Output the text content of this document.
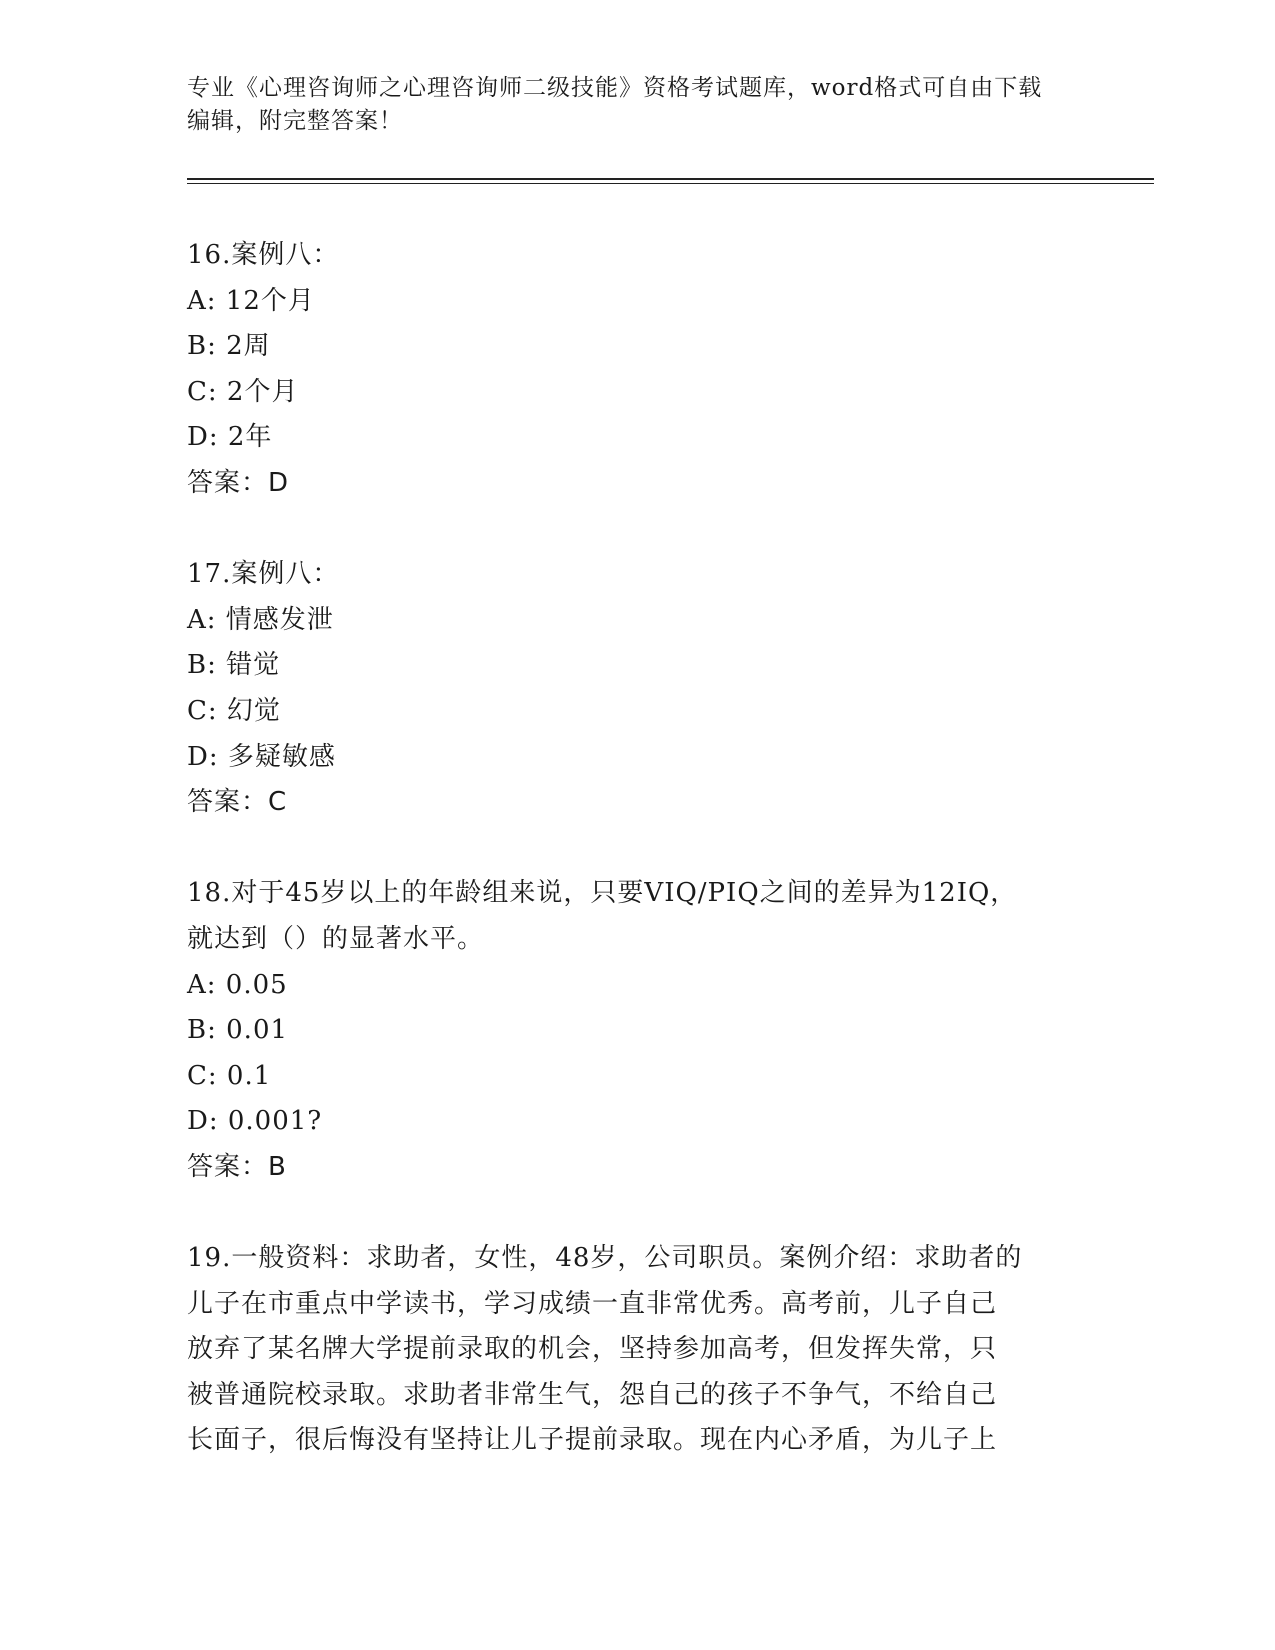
专业《心理咨询师之心理咨询师二级技能》资格考试题库，word格式可自由下载
编辑，附完整答案！
16.案例八：
A: 12个月
B: 2周
C: 2个月
D: 2年
答案：D
17.案例八：
A: 情感发泄
B: 错觉
C: 幻觉
D: 多疑敏感
答案：C
18.对于45岁以上的年龄组来说，只要VIQ/PIQ之间的差异为12IQ，
就达到（）的显著水平。
A: 0.05
B: 0.01
C: 0.1
D: 0.001?
答案：B
19.一般资料：求助者，女性，48岁，公司职员。案例介绍：求助者的
儿子在市重点中学读书，学习成绩一直非常优秀。高考前，儿子自己
放弃了某名牌大学提前录取的机会，坚持参加高考，但发挥失常，只
被普通院校录取。求助者非常生气，怨自己的孩子不争气，不给自己
长面子，很后悔没有坚持让儿子提前录取。现在内心矛盾，为儿子上
